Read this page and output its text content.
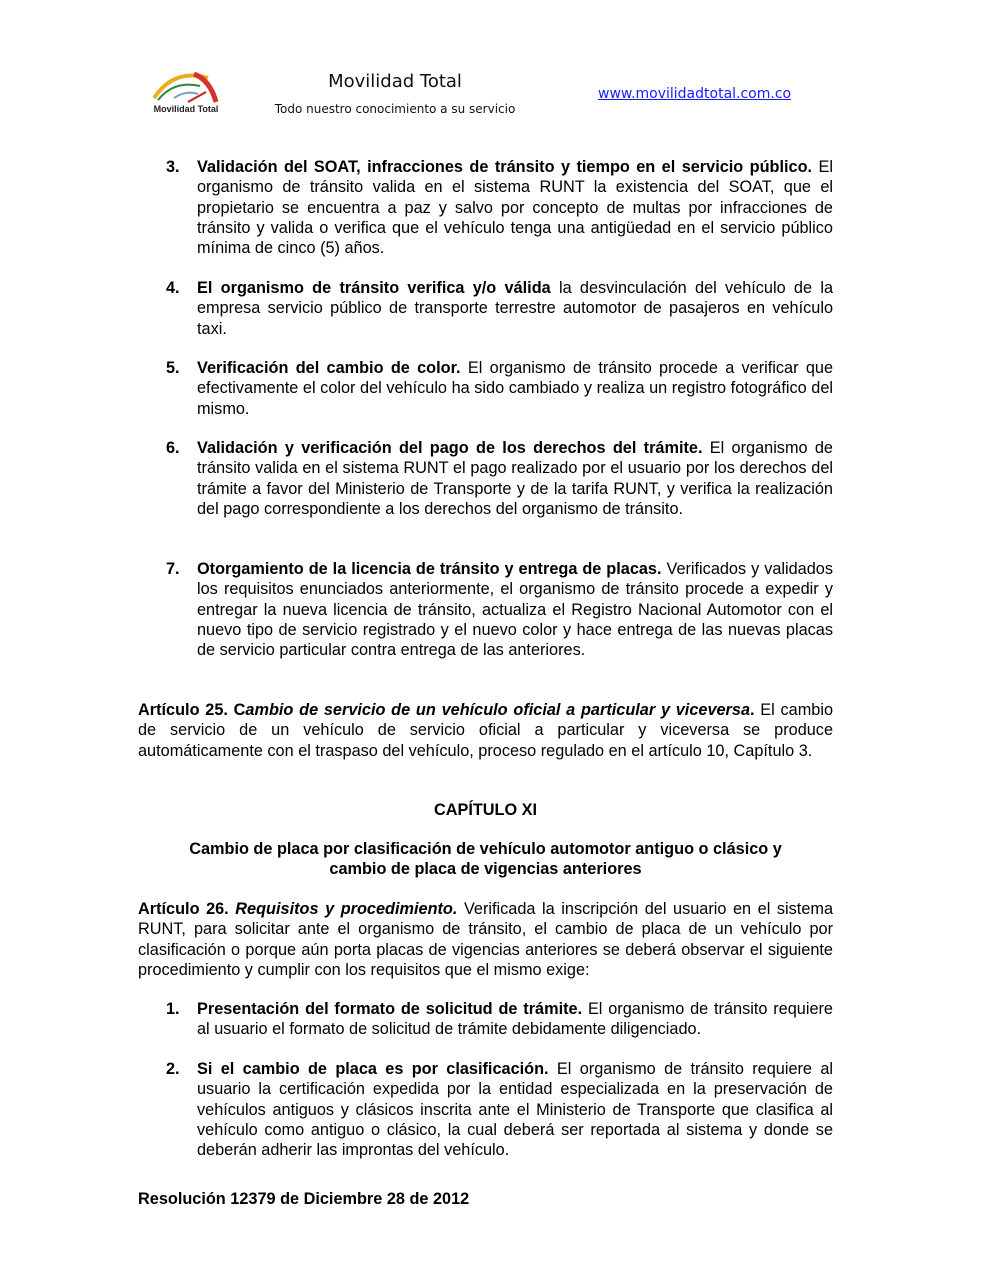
Movilidad Total
Movilidad Total
Todo nuestro conocimiento a su servicio
www.movilidadtotal.com.co
3. Validación del SOAT, infracciones de tránsito y tiempo en el servicio público. El organismo de tránsito valida en el sistema RUNT la existencia del SOAT, que el propietario se encuentra a paz y salvo por concepto de multas por infracciones de tránsito y valida o verifica que el vehículo tenga una antigüedad en el servicio público mínima de cinco (5) años.
4. El organismo de tránsito verifica y/o válida la desvinculación del vehículo de la empresa servicio público de transporte terrestre automotor de pasajeros en vehículo taxi.
5. Verificación del cambio de color. El organismo de tránsito procede a verificar que efectivamente el color del vehículo ha sido cambiado y realiza un registro fotográfico del mismo.
6. Validación y verificación del pago de los derechos del trámite. El organismo de tránsito valida en el sistema RUNT el pago realizado por el usuario por los derechos del trámite a favor del Ministerio de Transporte y de la tarifa RUNT, y verifica la realización del pago correspondiente a los derechos del organismo de tránsito.
7. Otorgamiento de la licencia de tránsito y entrega de placas. Verificados y validados los requisitos enunciados anteriormente, el organismo de tránsito procede a expedir y entregar la nueva licencia de tránsito, actualiza el Registro Nacional Automotor con el nuevo tipo de servicio registrado y el nuevo color y hace entrega de las nuevas placas de servicio particular contra entrega de las anteriores.
Artículo 25. Cambio de servicio de un vehículo oficial a particular y viceversa. El cambio de servicio de un vehículo de servicio oficial a particular y viceversa se produce automáticamente con el traspaso del vehículo, proceso regulado en el artículo 10, Capítulo 3.
CAPÍTULO XI
Cambio de placa por clasificación de vehículo automotor antiguo o clásico y
cambio de placa de vigencias anteriores
Artículo 26. Requisitos y procedimiento. Verificada la inscripción del usuario en el sistema RUNT, para solicitar ante el organismo de tránsito, el cambio de placa de un vehículo por clasificación o porque aún porta placas de vigencias anteriores se deberá observar el siguiente procedimiento y cumplir con los requisitos que el mismo exige:
1. Presentación del formato de solicitud de trámite. El organismo de tránsito requiere al usuario el formato de solicitud de trámite debidamente diligenciado.
2. Si el cambio de placa es por clasificación. El organismo de tránsito requiere al usuario la certificación expedida por la entidad especializada en la preservación de vehículos antiguos y clásicos inscrita ante el Ministerio de Transporte que clasifica al vehículo como antiguo o clásico, la cual deberá ser reportada al sistema y donde se deberán adherir las improntas del vehículo.
Resolución 12379 de Diciembre 28 de 2012
